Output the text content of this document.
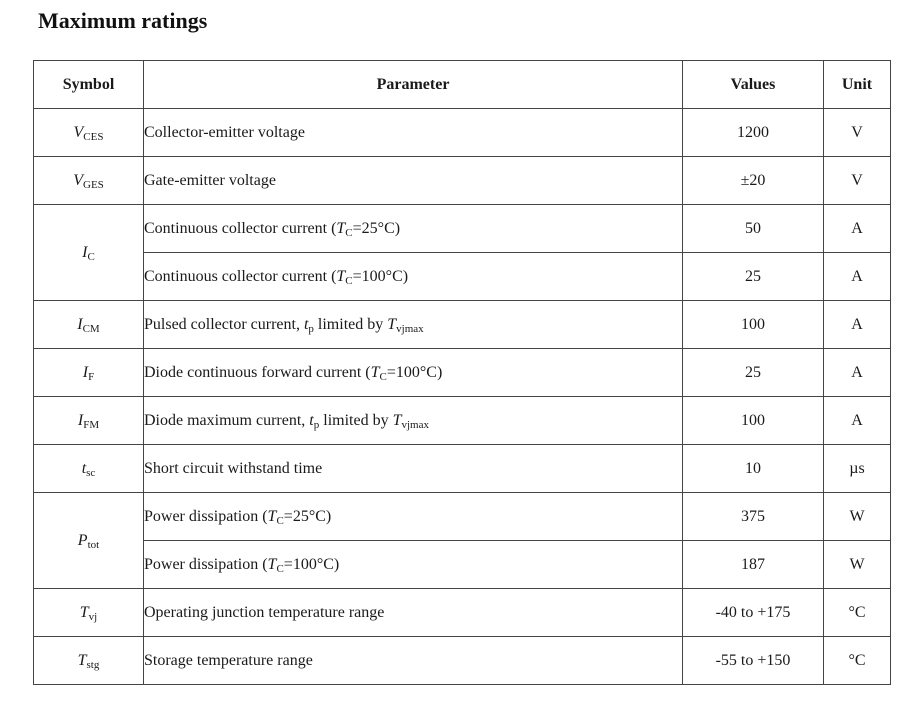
Maximum ratings
Symbol	Parameter	Values	Unit
$V_{CES}$	Collector-emitter voltage	1200	V
$V_{GES}$	Gate-emitter voltage	±20	V
$I_C$	Continuous collector current $(T_C=25^\circ C)$	50	A
	Continuous collector current $(T_C=100^\circ C)$	25	A
$I_{CM}$	Pulsed collector current, $t_p$ limited by $T_{vjmax}$	100	A
$I_F$	Diode continuous forward current $(T_C=100^\circ C)$	25	A
$I_{FM}$	Diode maximum current, $t_p$ limited by $T_{vjmax}$	100	A
$t_{sc}$	Short circuit withstand time	10	µs
$P_{tot}$	Power dissipation $(T_C=25^\circ C)$	375	W
	Power dissipation $(T_C=100^\circ C)$	187	W
$T_{vj}$	Operating junction temperature range	-40 to +175	°C
$T_{stg}$	Storage temperature range	-55 to +150	°C
